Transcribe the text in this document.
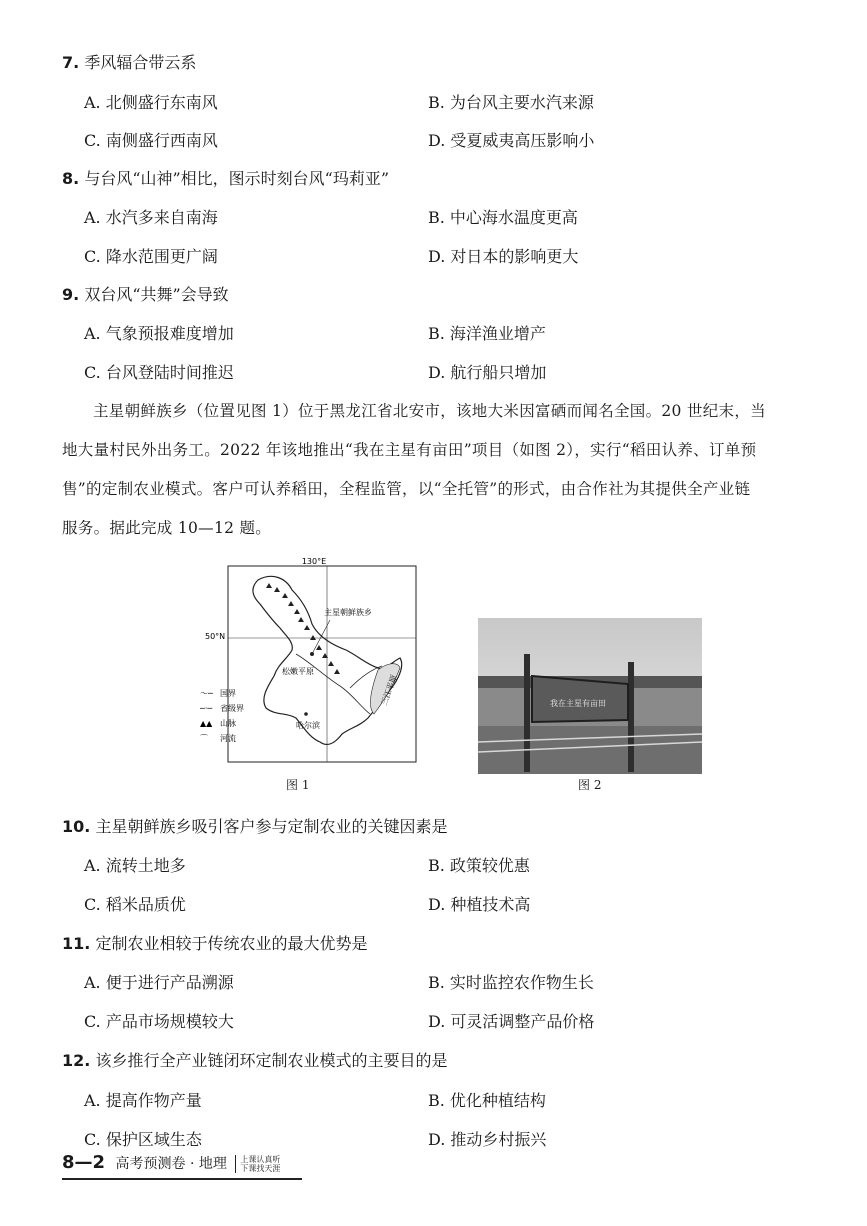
7. 季风辐合带云系
A. 北侧盛行东南风	B. 为台风主要水汽来源
C. 南侧盛行西南风	D. 受夏威夷高压影响小
8. 与台风“山神”相比，图示时刻台风“玛莉亚”
A. 水汽多来自南海	B. 中心海水温度更高
C. 降水范围更广阔	D. 对日本的影响更大
9. 双台风“共舞”会导致
A. 气象预报难度增加	B. 海洋渔业增产
C. 台风登陆时间推迟	D. 航行船只增加
主星朝鲜族乡（位置见图 1）位于黑龙江省北安市，该地大米因富硒而闻名全国。20 世纪末，当
地大量村民外出务工。2022 年该地推出“我在主星有亩田”项目（如图 2），实行“稻田认养、订单预
售”的定制农业模式。客户可认养稻田，全程监管，以“全托管”的形式，由合作社为其提供全产业链
服务。据此完成 10—12 题。
130°E
50°N
三江平原
主星朝鲜族乡
松嫩平原
哈尔滨
〜─ 国界
─·─ 省级界
▲▲ 山脉
⌒ 河流
图 1
我在主星有亩田
图 2
10. 主星朝鲜族乡吸引客户参与定制农业的关键因素是
A. 流转土地多	B. 政策较优惠
C. 稻米品质优	D. 种植技术高
11. 定制农业相较于传统农业的最大优势是
A. 便于进行产品溯源	B. 实时监控农作物生长
C. 产品市场规模较大	D. 可灵活调整产品价格
12. 该乡推行全产业链闭环定制农业模式的主要目的是
A. 提高作物产量	B. 优化种植结构
C. 保护区域生态	D. 推动乡村振兴
8—2 高考预测卷 · 地理 上课认真听
下课找天涯
